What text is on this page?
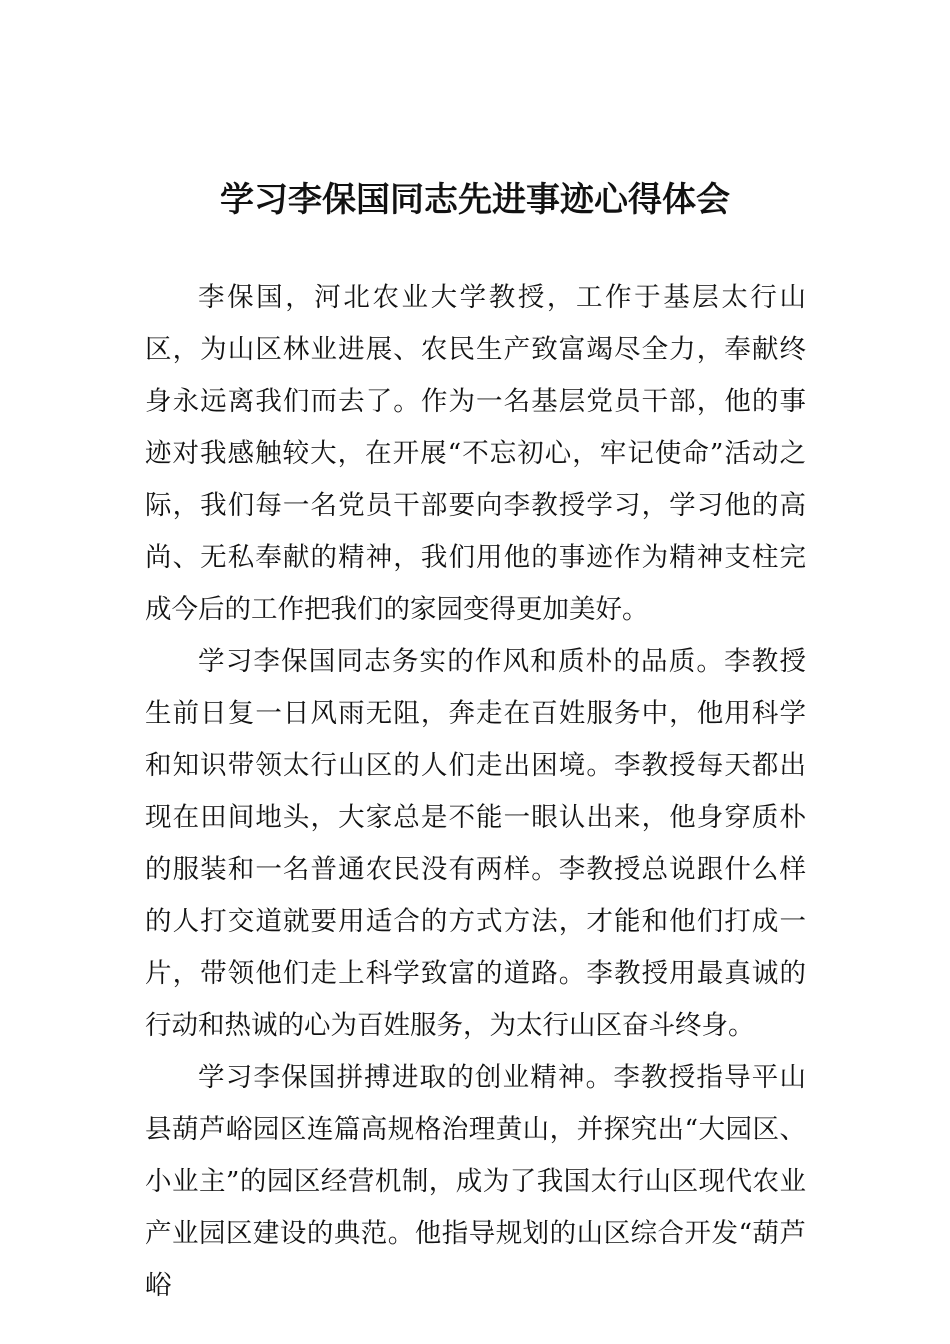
学习李保国同志先进事迹心得体会

李保国，河北农业大学教授，工作于基层太行山区，为山区林业进展、农民生产致富竭尽全力，奉献终身永远离我们而去了。作为一名基层党员干部，他的事迹对我感触较大，在开展“不忘初心，牢记使命”活动之际，我们每一名党员干部要向李教授学习，学习他的高尚、无私奉献的精神，我们用他的事迹作为精神支柱完成今后的工作把我们的家园变得更加美好。

学习李保国同志务实的作风和质朴的品质。李教授生前日复一日风雨无阻，奔走在百姓服务中，他用科学和知识带领太行山区的人们走出困境。李教授每天都出现在田间地头，大家总是不能一眼认出来，他身穿质朴的服装和一名普通农民没有两样。李教授总说跟什么样的人打交道就要用适合的方式方法，才能和他们打成一片，带领他们走上科学致富的道路。李教授用最真诚的行动和热诚的心为百姓服务，为太行山区奋斗终身。

学习李保国拼搏进取的创业精神。李教授指导平山县葫芦峪园区连篇高规格治理黄山，并探究出“大园区、小业主”的园区经营机制，成为了我国太行山区现代农业产业园区建设的典范。他指导规划的山区综合开发“葫芦峪
